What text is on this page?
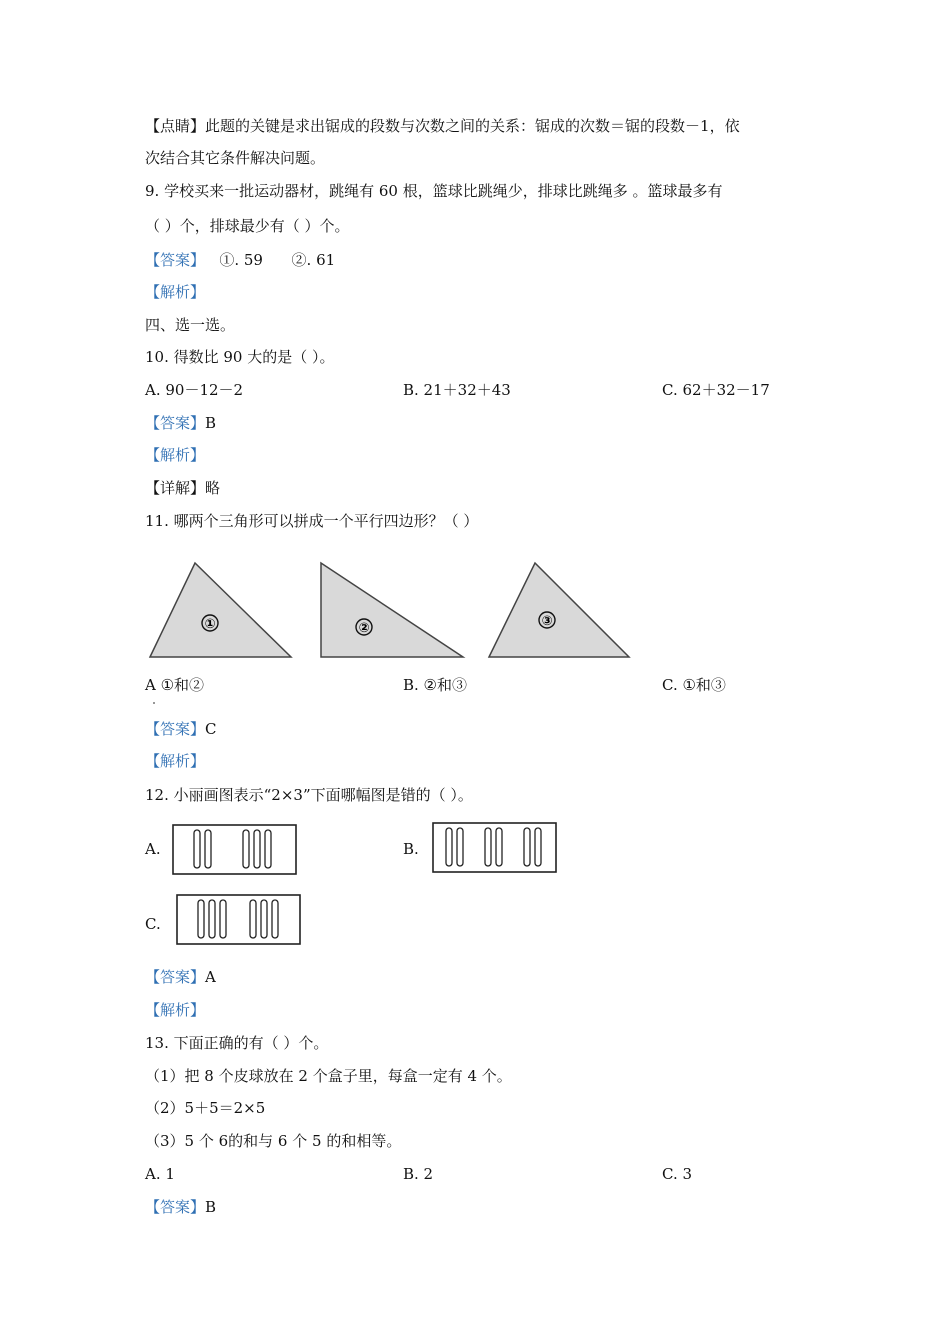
【点睛】此题的关键是求出锯成的段数与次数之间的关系：锯成的次数＝锯的段数－1，依
次结合其它条件解决问题。
9. 学校买来一批运动器材，跳绳有 60 根，篮球比跳绳少，排球比跳绳多 。篮球最多有
（ ）个，排球最少有（ ）个。
【答案】   ①. 59      ②. 61
【解析】
四、选一选。
10. 得数比 90 大的是（ ）。
A. 90－12－2	B. 21＋32＋43	C. 62＋32－17
【答案】B
【解析】
【详解】略
11. 哪两个三角形可以拼成一个平行四边形？（ ）
①	②	③
A ①和②	B. ②和③	C. ①和③
【答案】C
【解析】
12. 小丽画图表示“2×3”下面哪幅图是错的（ ）。
A.	B.
C.
【答案】A
【解析】
13. 下面正确的有（ ）个。
（1）把 8 个皮球放在 2 个盒子里，每盒一定有 4 个。
（2）5＋5＝2×5
（3）5 个 6的和与 6 个 5 的和相等。
A. 1	B. 2	C. 3
【答案】B
